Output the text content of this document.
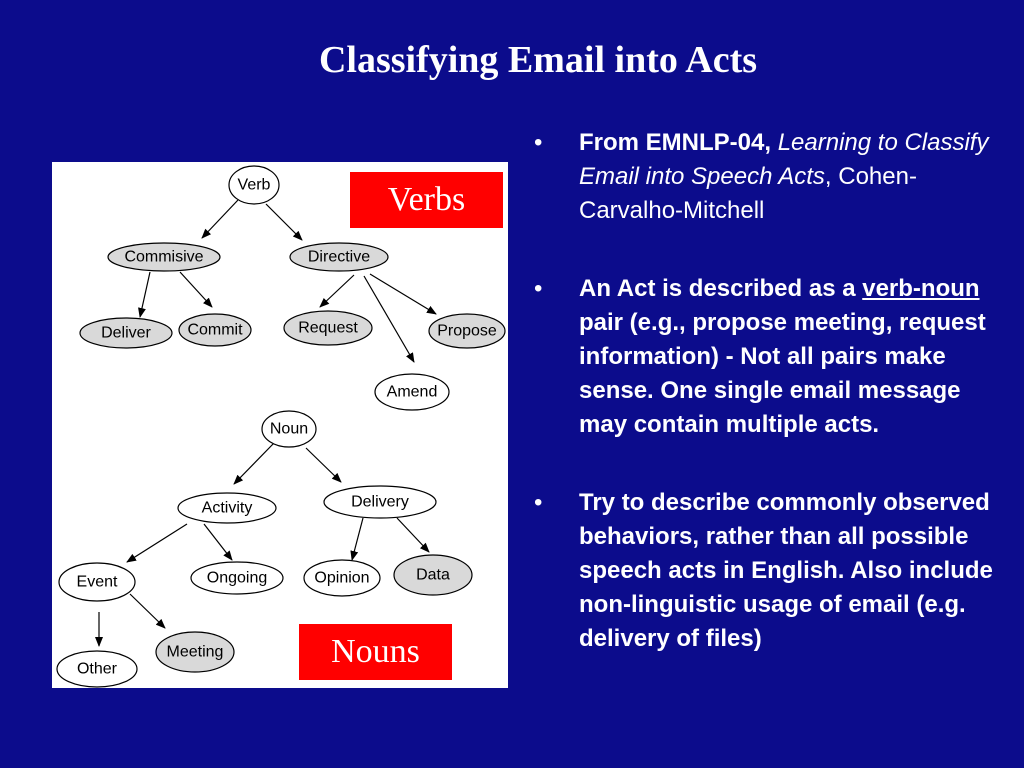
Classifying Email into Acts
Verb
Commisive	Directive
Deliver Commit	Request	Propose
Amend
Noun
Activity	Delivery
Event	Ongoing	Opinion	Data
Other
Meeting
Verbs
Nouns
• From EMNLP-04, Learning to Classify Email into Speech Acts, Cohen-Carvalho-Mitchell
• An Act is described as a verb-noun pair (e.g., propose meeting, request information) - Not all pairs make sense. One single email message may contain multiple acts.
• Try to describe commonly observed behaviors, rather than all possible speech acts in English. Also include non-linguistic usage of email (e.g. delivery of files)
